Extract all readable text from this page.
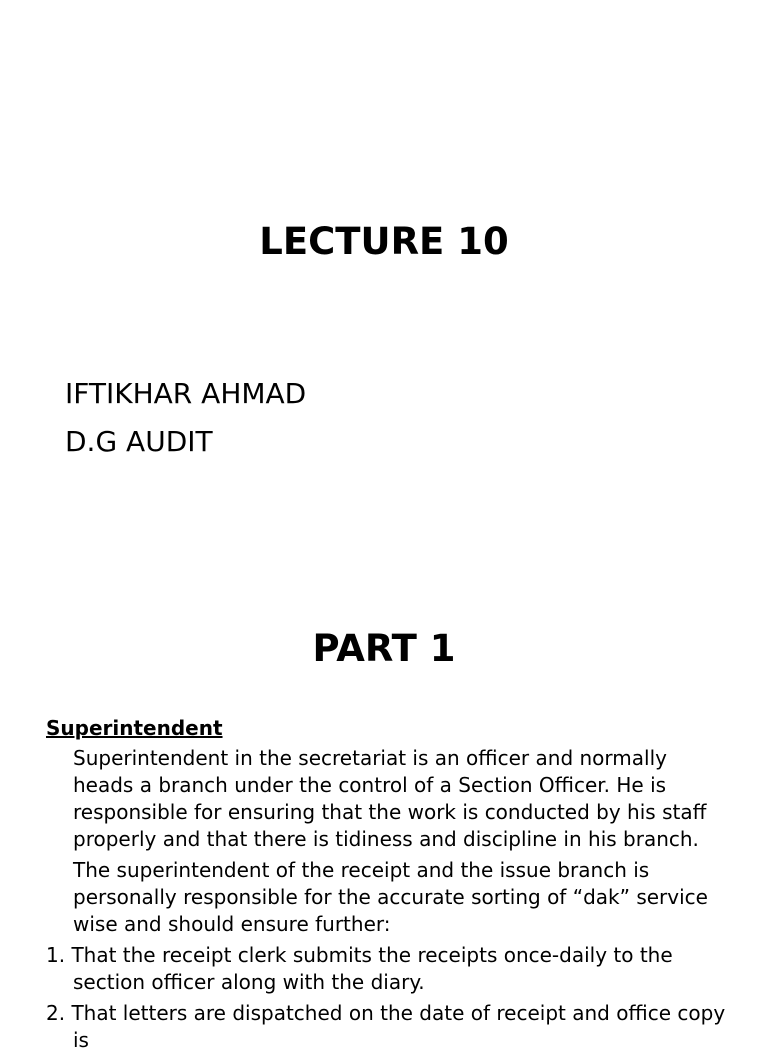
LECTURE 10
IFTIKHAR AHMAD
D.G AUDIT
PART 1
Superintendent
Superintendent in the secretariat is an officer and normally heads a branch under the control of a Section Officer. He is responsible for ensuring that the work is conducted by his staff properly and that there is tidiness and discipline in his branch.
The superintendent of the receipt and the issue branch is personally responsible for the accurate sorting of “dak” service wise and should ensure further:
1. That the receipt clerk submits the receipts once-daily to the section officer along with the diary.
2. That letters are dispatched on the date of receipt and office copy is
